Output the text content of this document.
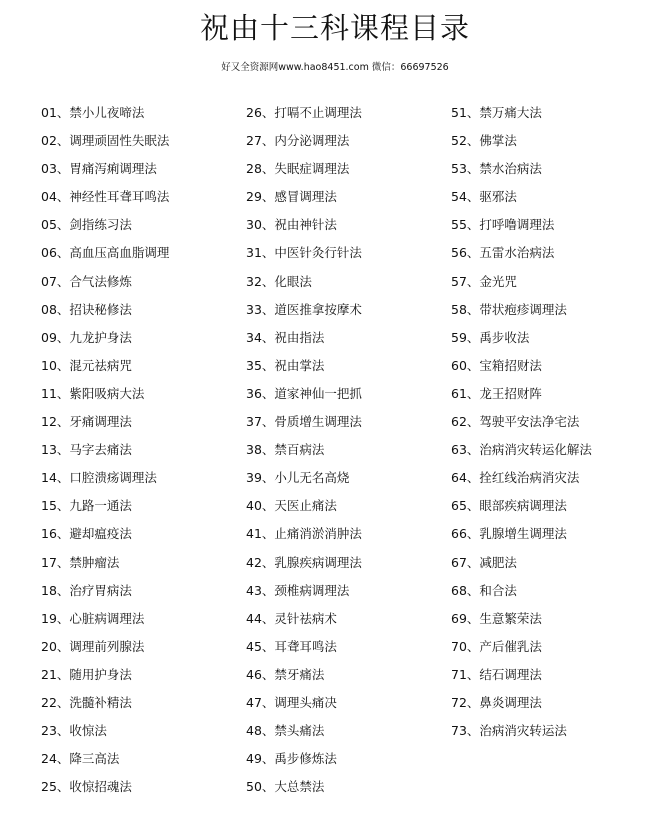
祝由十三科课程目录
好又全资源网www.hao8451.com 微信：66697526
01、禁小儿夜啼法
02、调理顽固性失眠法
03、胃痛泻痢调理法
04、神经性耳聋耳鸣法
05、剑指练习法
06、高血压高血脂调理
07、合气法修炼
08、招诀秘修法
09、九龙护身法
10、混元祛病咒
11、紫阳吸病大法
12、牙痛调理法
13、马字去痛法
14、口腔溃疡调理法
15、九路一通法
16、避却瘟疫法
17、禁肿瘤法
18、治疗胃病法
19、心脏病调理法
20、调理前列腺法
21、随用护身法
22、洗髓补精法
23、收惊法
24、降三高法
25、收惊招魂法
26、打嗝不止调理法
27、内分泌调理法
28、失眠症调理法
29、感冒调理法
30、祝由神针法
31、中医针灸行针法
32、化眼法
33、道医推拿按摩术
34、祝由指法
35、祝由掌法
36、道家神仙一把抓
37、骨质增生调理法
38、禁百病法
39、小儿无名高烧
40、天医止痛法
41、止痛消淤消肿法
42、乳腺疾病调理法
43、颈椎病调理法
44、灵针祛病术
45、耳聋耳鸣法
46、禁牙痛法
47、调理头痛决
48、禁头痛法
49、禹步修炼法
50、大总禁法
51、禁万痛大法
52、佛掌法
53、禁水治病法
54、驱邪法
55、打呼噜调理法
56、五雷水治病法
57、金光咒
58、带状疱疹调理法
59、禹步收法
60、宝箱招财法
61、龙王招财阵
62、驾驶平安法净宅法
63、治病消灾转运化解法
64、拴红线治病消灾法
65、眼部疾病调理法
66、乳腺增生调理法
67、减肥法
68、和合法
69、生意繁荣法
70、产后催乳法
71、结石调理法
72、鼻炎调理法
73、治病消灾转运法
